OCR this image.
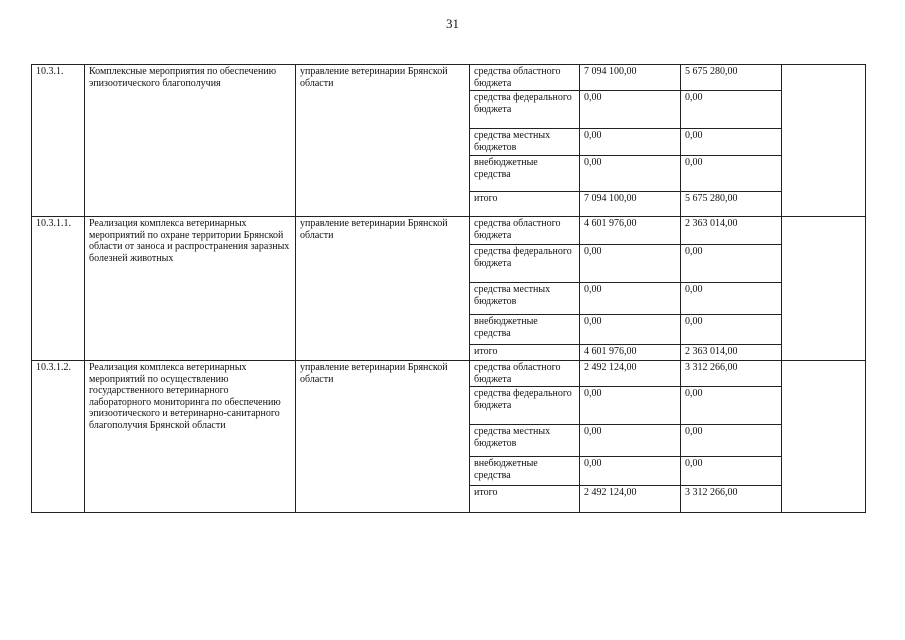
31
10.3.1.	Комплексные мероприятия по обеспечению эпизоотического благополучия	управление ветеринарии Брянской области	средства областного бюджета	7 094 100,00	5 675 280,00	
			средства федерального бюджета	0,00	0,00	
			средства местных бюджетов	0,00	0,00	
			внебюджетные средства	0,00	0,00	
			итого	7 094 100,00	5 675 280,00	
10.3.1.1.	Реализация комплекса ветеринарных мероприятий по охране территории Брянской области от заноса и распространения заразных болезней животных	управление ветеринарии Брянской области	средства областного бюджета	4 601 976,00	2 363 014,00	
			средства федерального бюджета	0,00	0,00	
			средства местных бюджетов	0,00	0,00	
			внебюджетные средства	0,00	0,00	
			итого	4 601 976,00	2 363 014,00	
10.3.1.2.	Реализация комплекса ветеринарных мероприятий по осуществлению государственного ветеринарного лабораторного мониторинга по обеспечению эпизоотического и ветеринарно-санитарного благополучия Брянской области	управление ветеринарии Брянской области	средства областного бюджета	2 492 124,00	3 312 266,00	
			средства федерального бюджета	0,00	0,00	
			средства местных бюджетов	0,00	0,00	
			внебюджетные средства	0,00	0,00	
			итого	2 492 124,00	3 312 266,00	
